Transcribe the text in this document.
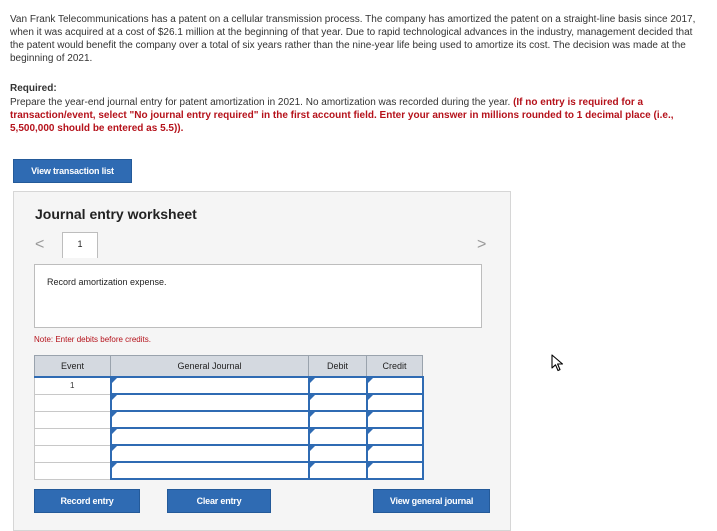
Van Frank Telecommunications has a patent on a cellular transmission process. The company has amortized the patent on a straight-line basis since 2017, when it was acquired at a cost of $26.1 million at the beginning of that year. Due to rapid technological advances in the industry, management decided that the patent would benefit the company over a total of six years rather than the nine-year life being used to amortize its cost. The decision was made at the beginning of 2021.
Required:
Prepare the year-end journal entry for patent amortization in 2021. No amortization was recorded during the year. (If no entry is required for a transaction/event, select "No journal entry required" in the first account field. Enter your answer in millions rounded to 1 decimal place (i.e., 5,500,000 should be entered as 5.5)).
View transaction list
Journal entry worksheet
<	>
1
Record amortization expense.
Note: Enter debits before credits.
Event	General Journal	Debit	Credit
1			

Record entry	Clear entry	View general journal
